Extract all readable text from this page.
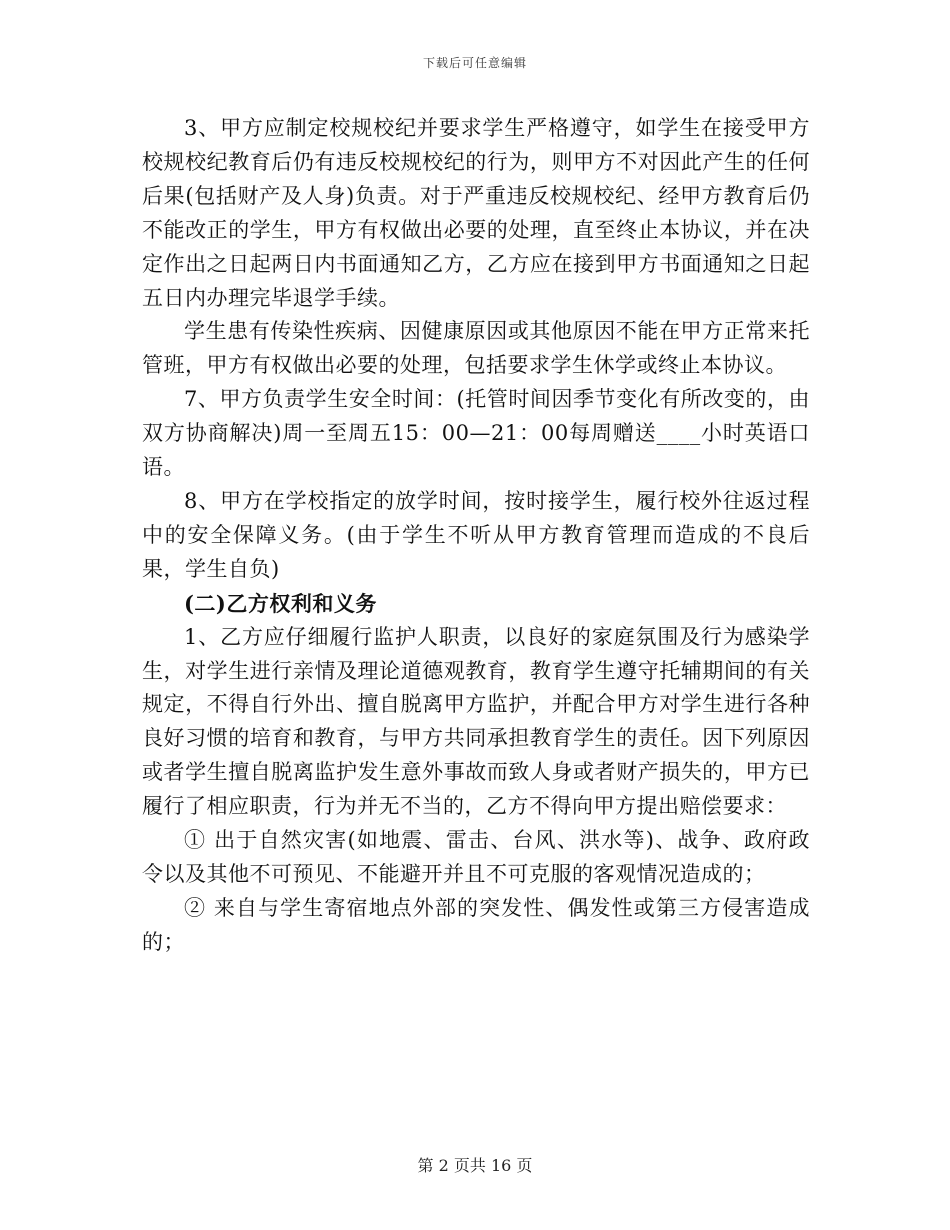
下载后可任意编辑

3、甲方应制定校规校纪并要求学生严格遵守，如学生在接受甲方校规校纪教育后仍有违反校规校纪的行为，则甲方不对因此产生的任何后果(包括财产及人身)负责。对于严重违反校规校纪、经甲方教育后仍不能改正的学生，甲方有权做出必要的处理，直至终止本协议，并在决定作出之日起两日内书面通知乙方，乙方应在接到甲方书面通知之日起五日内办理完毕退学手续。

学生患有传染性疾病、因健康原因或其他原因不能在甲方正常来托管班，甲方有权做出必要的处理，包括要求学生休学或终止本协议。

7、甲方负责学生安全时间：(托管时间因季节变化有所改变的，由双方协商解决)周一至周五15：00—21：00每周赠送____小时英语口语。

8、甲方在学校指定的放学时间，按时接学生，履行校外往返过程中的安全保障义务。(由于学生不听从甲方教育管理而造成的不良后果，学生自负)

(二)乙方权利和义务

1、乙方应仔细履行监护人职责，以良好的家庭氛围及行为感染学生，对学生进行亲情及理论道德观教育，教育学生遵守托辅期间的有关规定，不得自行外出、擅自脱离甲方监护，并配合甲方对学生进行各种良好习惯的培育和教育，与甲方共同承担教育学生的责任。因下列原因或者学生擅自脱离监护发生意外事故而致人身或者财产损失的，甲方已履行了相应职责，行为并无不当的，乙方不得向甲方提出赔偿要求：

① 出于自然灾害(如地震、雷击、台风、洪水等)、战争、政府政令以及其他不可预见、不能避开并且不可克服的客观情况造成的；

② 来自与学生寄宿地点外部的突发性、偶发性或第三方侵害造成的；

第 2 页共 16 页
